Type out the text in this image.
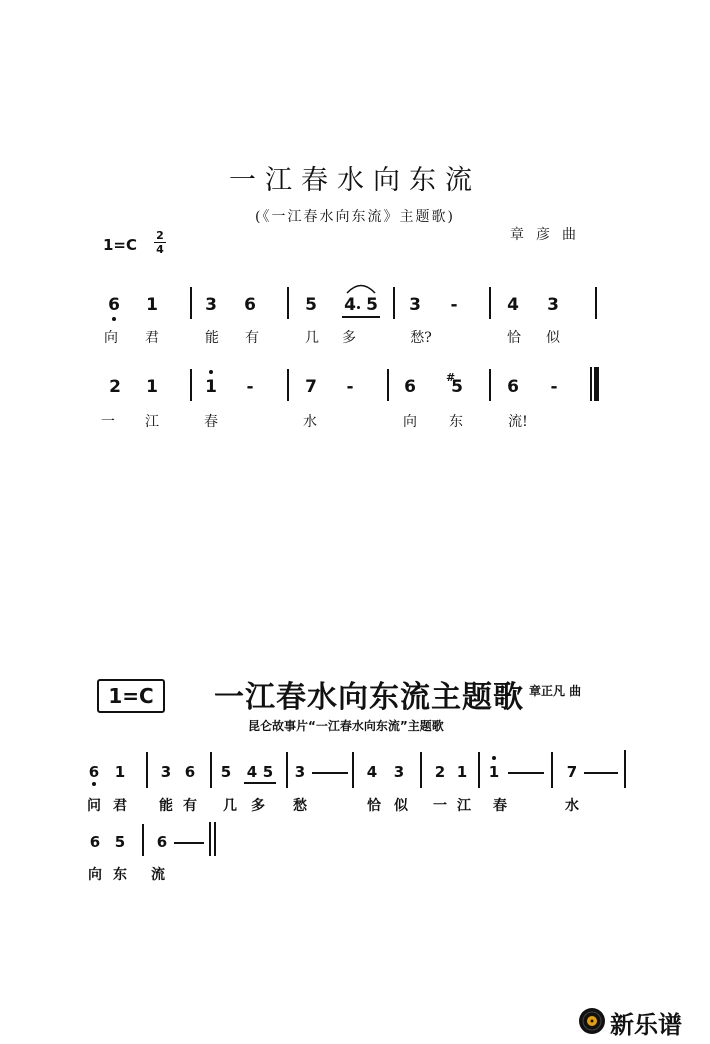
一江春水向东流
(《一江春水向东流》主题歌)
章彦曲
1=C
2
4
6 1	3 6	5 4 5 3 -	4 3
向 君	能 有	几 多	愁?	恰 似
2 1	1 -	7 -	6	#
5	6 -
一 江	春	水	向 东	流!
1=C	一江春水向东流主题歌 章正凡 曲
昆仑故事片“一江春水向东流”主题歌
6 1 3 6 5 4 5 3	4 3 2 1 1	7
问 君 能 有 几 多 愁	恰 似 一 江 春	水
6 5 6
向 东 流
新乐谱
